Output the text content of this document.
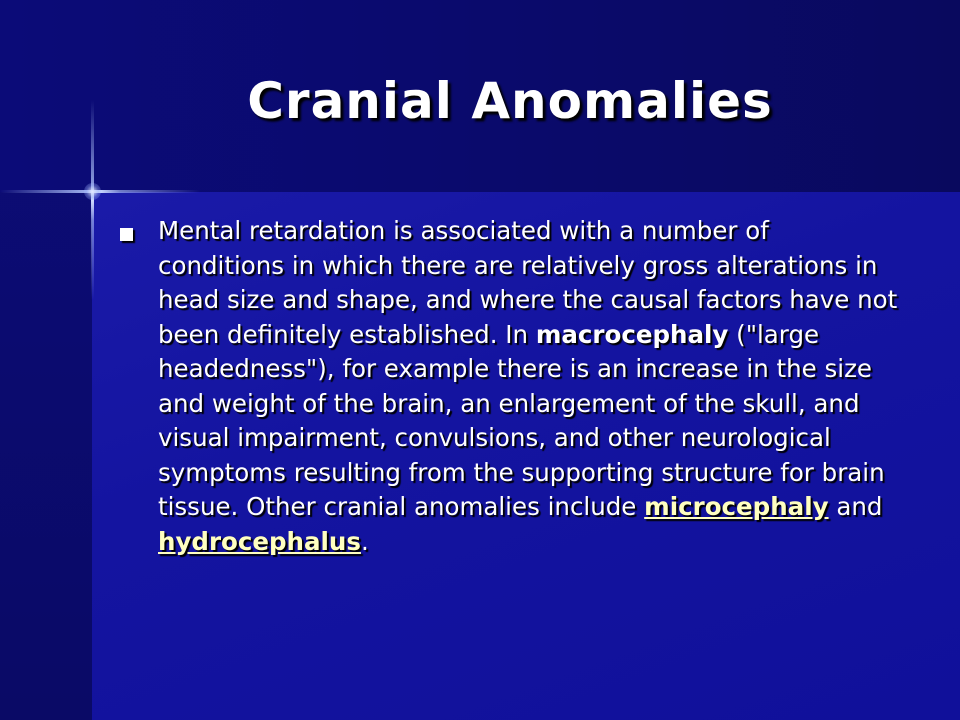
Cranial Anomalies

Mental retardation is associated with a number of conditions in which there are relatively gross alterations in head size and shape, and where the causal factors have not been definitely established. In macrocephaly ("large headedness"), for example there is an increase in the size and weight of the brain, an enlargement of the skull, and visual impairment, convulsions, and other neurological symptoms resulting from the supporting structure for brain tissue. Other cranial anomalies include microcephaly and hydrocephalus.
